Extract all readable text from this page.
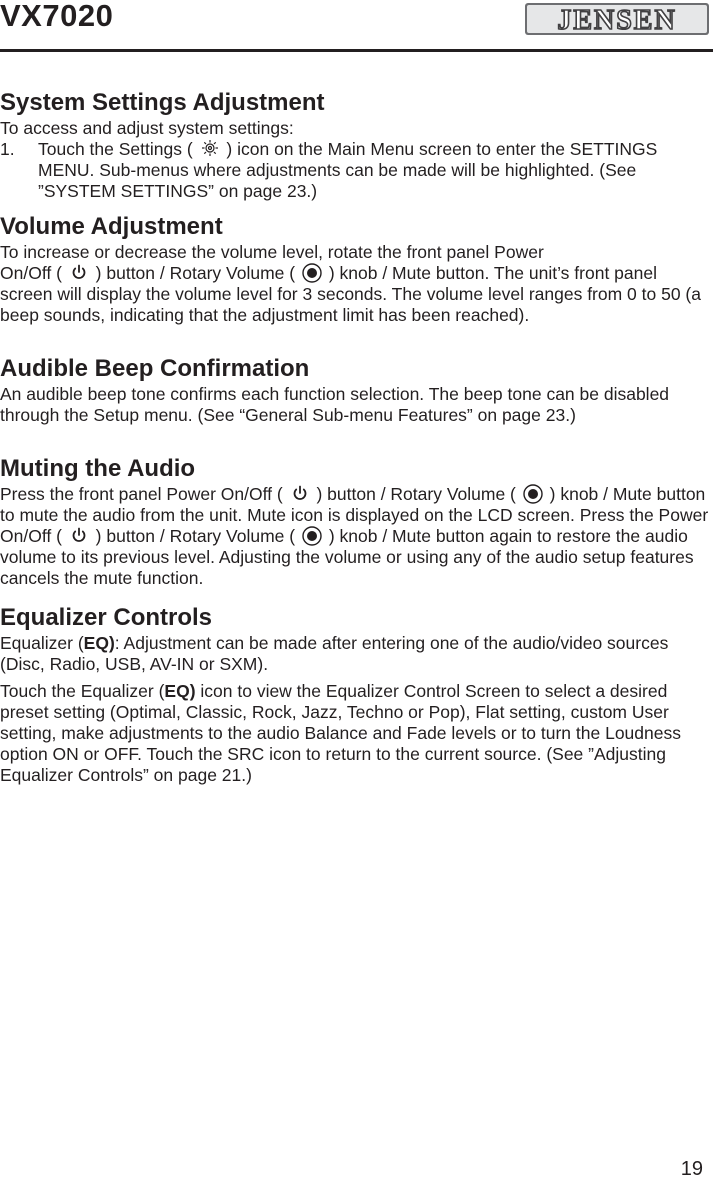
VX7020	JENSEN
System Settings Adjustment

To access and adjust system settings:

1. Touch the Settings ( ) icon on the Main Menu screen to enter the SETTINGS MENU. Sub-menus where adjustments can be made will be highlighted. (See ”SYSTEM SETTINGS” on page 23.)
Volume Adjustment

To increase or decrease the volume level, rotate the front panel Power
On/Off ( ) button / Rotary Volume ( ) knob / Mute button. The unit’s front panel screen will display the volume level for 3 seconds. The volume level ranges from 0 to 50 (a beep sounds, indicating that the adjustment limit has been reached).

Audible Beep Confirmation

An audible beep tone confirms each function selection. The beep tone can be disabled through the Setup menu. (See “General Sub-menu Features” on page 23.)

Muting the Audio

Press the front panel Power On/Off ( ) button / Rotary Volume ( ) knob / Mute button to mute the audio from the unit. Mute icon is displayed on the LCD screen. Press the Power On/Off ( ) button / Rotary Volume ( ) knob / Mute button again to restore the audio volume to its previous level. Adjusting the volume or using any of the audio setup features cancels the mute function.

Equalizer Controls

Equalizer (EQ): Adjustment can be made after entering one of the audio/video sources (Disc, Radio, USB, AV-IN or SXM).

Touch the Equalizer (EQ) icon to view the Equalizer Control Screen to select a desired preset setting (Optimal, Classic, Rock, Jazz, Techno or Pop), Flat setting, custom User setting, make adjustments to the audio Balance and Fade levels or to turn the Loudness option ON or OFF. Touch the SRC icon to return to the current source. (See ”Adjusting Equalizer Controls” on page 21.)

19
